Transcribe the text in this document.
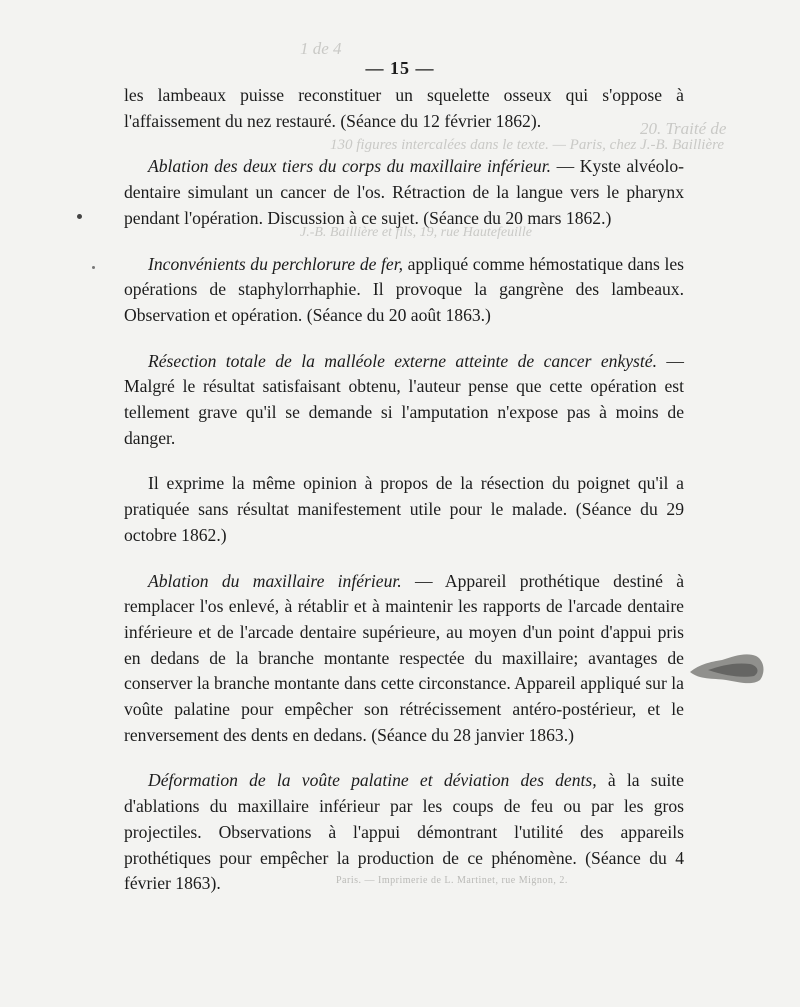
1 de 4
20. Traité de
130 figures intercalées dans le texte. — Paris, chez J.-B. Baillière
J.-B. Baillière et fils, 19, rue Hautefeuille
— 15 —

les lambeaux puisse reconstituer un squelette osseux qui s'oppose à l'affaissement du nez restauré. (Séance du 12 février 1862).

Ablation des deux tiers du corps du maxillaire inférieur. — Kyste alvéolo-dentaire simulant un cancer de l'os. Rétraction de la langue vers le pharynx pendant l'opération. Discussion à ce sujet. (Séance du 20 mars 1862.)

Inconvénients du perchlorure de fer, appliqué comme hémostatique dans les opérations de staphylorrhaphie. Il provoque la gangrène des lambeaux. Observation et opération. (Séance du 20 août 1863.)

Résection totale de la malléole externe atteinte de cancer enkysté. — Malgré le résultat satisfaisant obtenu, l'auteur pense que cette opération est tellement grave qu'il se demande si l'amputation n'expose pas à moins de danger.

Il exprime la même opinion à propos de la résection du poignet qu'il a pratiquée sans résultat manifestement utile pour le malade. (Séance du 29 octobre 1862.)

Ablation du maxillaire inférieur. — Appareil prothétique destiné à remplacer l'os enlevé, à rétablir et à maintenir les rapports de l'arcade dentaire inférieure et de l'arcade dentaire supérieure, au moyen d'un point d'appui pris en dedans de la branche montante respectée du maxillaire; avantages de conserver la branche montante dans cette circonstance. Appareil appliqué sur la voûte palatine pour empêcher son rétrécissement antéro-postérieur, et le renversement des dents en dedans. (Séance du 28 janvier 1863.)

Déformation de la voûte palatine et déviation des dents, à la suite d'ablations du maxillaire inférieur par les coups de feu ou par les gros projectiles. Observations à l'appui démontrant l'utilité des appareils prothétiques pour empêcher la production de ce phénomène. (Séance du 4 février 1863).	Paris. — Imprimerie de L. Martinet, rue Mignon, 2.
